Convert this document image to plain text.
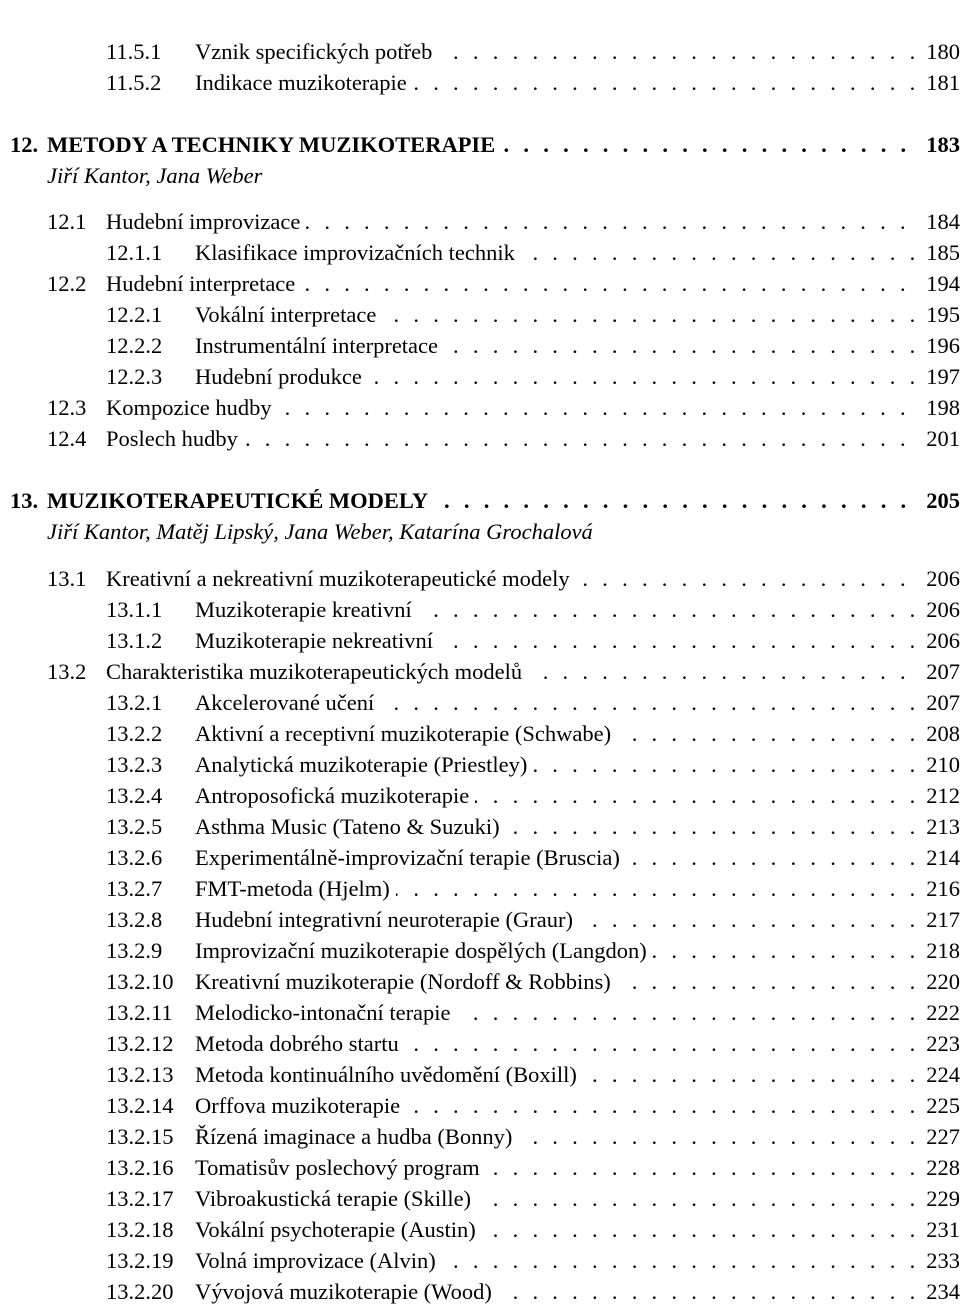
11.5.1 . . . Vznik specifických potřeb	180
11.5.2 . . . Indikace muzikoterapie	181
12. . . . METODY A TECHNIKY MUZIKOTERAPIE	183
Jiří Kantor, Jana Weber
12.1 . . . Hudební improvizace	184
12.1.1 . . . Klasifikace improvizačních technik	185
12.2 . . . Hudební interpretace	194
12.2.1 . . . Vokální interpretace	195
12.2.2 . . . Instrumentální interpretace	196
12.2.3 . . . Hudební produkce	197
12.3 . . . Kompozice hudby	198
12.4 . . . Poslech hudby	201
13. . . . MUZIKOTERAPEUTICKÉ MODELY	205
Jiří Kantor, Matěj Lipský, Jana Weber, Katarína Grochalová
13.1 . . . Kreativní a nekreativní muzikoterapeutické modely	206
13.1.1 . . . Muzikoterapie kreativní	206
13.1.2 . . . Muzikoterapie nekreativní	206
13.2 . . . Charakteristika muzikoterapeutických modelů	207
13.2.1 . . . Akcelerované učení	207
13.2.2 . . . Aktivní a receptivní muzikoterapie (Schwabe)	208
13.2.3 . . . Analytická muzikoterapie (Priestley)	210
13.2.4 . . . Antroposofická muzikoterapie	212
13.2.5 . . . Asthma Music (Tateno & Suzuki)	213
13.2.6 . . . Experimentálně-improvizační terapie (Bruscia)	214
13.2.7 . . . FMT-metoda (Hjelm)	216
13.2.8 . . . Hudební integrativní neuroterapie (Graur)	217
13.2.9 . . . Improvizační muzikoterapie dospělých (Langdon)	218
13.2.10 . . . Kreativní muzikoterapie (Nordoff & Robbins)	220
13.2.11 . . . Melodicko-intonační terapie	222
13.2.12 . . . Metoda dobrého startu	223
13.2.13 . . . Metoda kontinuálního uvědomění (Boxill)	224
13.2.14 . . . Orffova muzikoterapie	225
13.2.15 . . . Řízená imaginace a hudba (Bonny)	227
13.2.16 . . . Tomatisův poslechový program	228
13.2.17 . . . Vibroakustická terapie (Skille)	229
13.2.18 . . . Vokální psychoterapie (Austin)	231
13.2.19 . . . Volná improvizace (Alvin)	233
13.2.20 . . . Vývojová muzikoterapie (Wood)	234
